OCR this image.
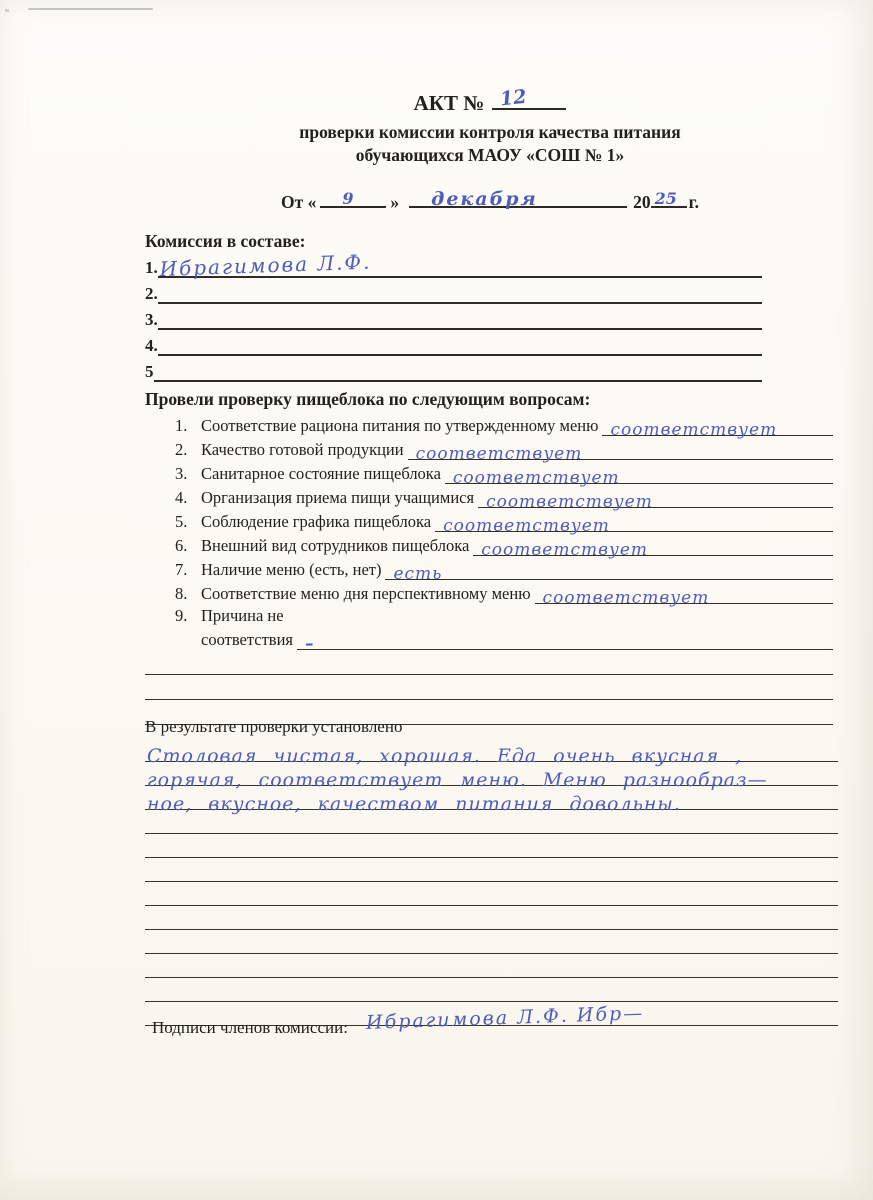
АКТ № 12
проверки комиссии контроля качества питания
обучающихся МАОУ «СОШ № 1»
От « 9 » декабря	20 25 г.
Комиссия в составе:
1. Ибрагимова Л.Ф.
2.
3.
4.
5
Провели проверку пищеблока по следующим вопросам:
1. Соответствие рациона питания по утвержденному меню соответствует
2. Качество готовой продукции соответствует
3. Санитарное состояние пищеблока соответствует
4. Организация приема пищи учащимися соответствует
5. Соблюдение графика пищеблока соответствует
6. Внешний вид сотрудников пищеблока соответствует
7. Наличие меню (есть, нет) есть
8. Соответствие меню дня перспективному меню соответствует
9. Причина не
соответствия –
В результате проверки установлено
Столовая чистая, хорошая. Еда очень вкусная ,
горячая, соответствует меню. Меню разнообраз—
ное, вкусное, качеством питания довольны.
Подписи членов комиссии: Ибрагимова Л.Ф. Ибр—
